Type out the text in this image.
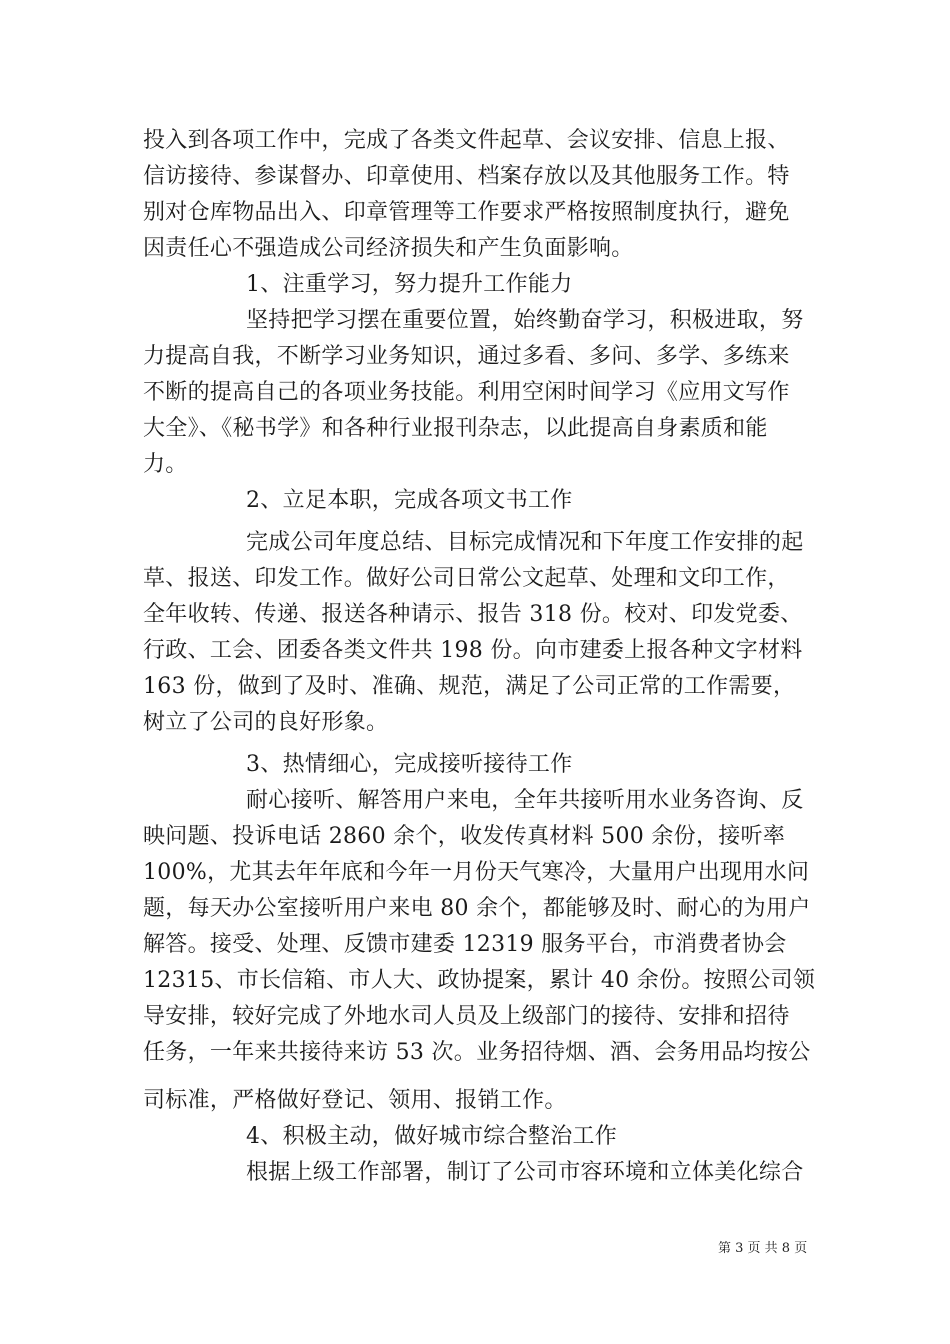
投入到各项工作中，完成了各类文件起草、会议安排、信息上报、
信访接待、参谋督办、印章使用、档案存放以及其他服务工作。特
别对仓库物品出入、印章管理等工作要求严格按照制度执行，避免
因责任心不强造成公司经济损失和产生负面影响。
1、注重学习，努力提升工作能力
坚持把学习摆在重要位置，始终勤奋学习，积极进取，努
力提高自我，不断学习业务知识，通过多看、多问、多学、多练来
不断的提高自己的各项业务技能。利用空闲时间学习《应用文写作
大全》、《秘书学》和各种行业报刊杂志，以此提高自身素质和能
力。
2、立足本职，完成各项文书工作
完成公司年度总结、目标完成情况和下年度工作安排的起
草、报送、印发工作。做好公司日常公文起草、处理和文印工作，
全年收转、传递、报送各种请示、报告 318 份。校对、印发党委、
行政、工会、团委各类文件共 198 份。向市建委上报各种文字材料
163 份，做到了及时、准确、规范，满足了公司正常的工作需要，
树立了公司的良好形象。
3、热情细心，完成接听接待工作
耐心接听、解答用户来电，全年共接听用水业务咨询、反
映问题、投诉电话 2860 余个，收发传真材料 500 余份，接听率
100%，尤其去年年底和今年一月份天气寒冷，大量用户出现用水问
题，每天办公室接听用户来电 80 余个，都能够及时、耐心的为用户
解答。接受、处理、反馈市建委 12319 服务平台，市消费者协会
12315、市长信箱、市人大、政协提案，累计 40 余份。按照公司领
导安排，较好完成了外地水司人员及上级部门的接待、安排和招待
任务，一年来共接待来访 53 次。业务招待烟、酒、会务用品均按公
司标准，严格做好登记、领用、报销工作。
4、积极主动，做好城市综合整治工作
根据上级工作部署，制订了公司市容环境和立体美化综合
第 3 页 共 8 页
